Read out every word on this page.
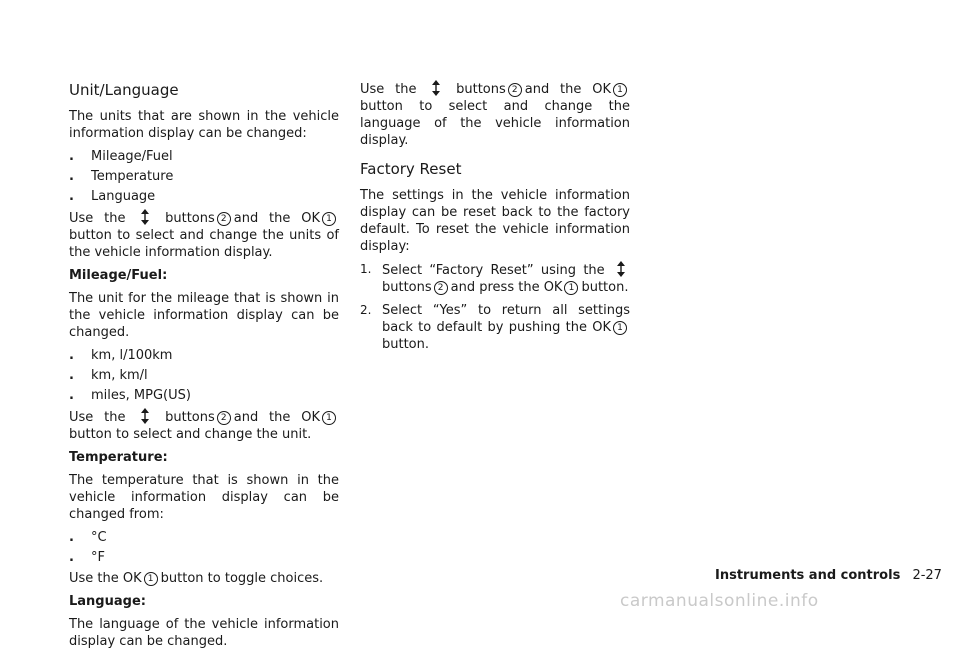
Unit/Language

The units that are shown in the vehicle information display can be changed:

.	Mileage/Fuel
.	Temperature
.	Language

Use the	buttons 2 and the OK 1 button to select and change the units of the vehicle information display.

Mileage/Fuel:

The unit for the mileage that is shown in the vehicle information display can be changed.

.	km, l/100km
.	km, km/l
.	miles, MPG(US)

Use the	buttons 2 and the OK 1 button to select and change the unit.

Temperature:

The temperature that is shown in the vehicle information display can be changed from:

.	°C
.	°F

Use the OK 1 button to toggle choices.

Language:

The language of the vehicle information display can be changed.

Use the	buttons 2 and the OK 1 button to select and change the language of the vehicle information display.

Factory Reset

The settings in the vehicle information display can be reset back to the factory default. To reset the vehicle information display:

1. Select “Factory Reset” using the  buttons 2 and press the OK 1 button.
2. Select “Yes” to return all settings back to default by pushing the OK 1 button.
Instruments and controls 2-27
carmanualsonline.info
